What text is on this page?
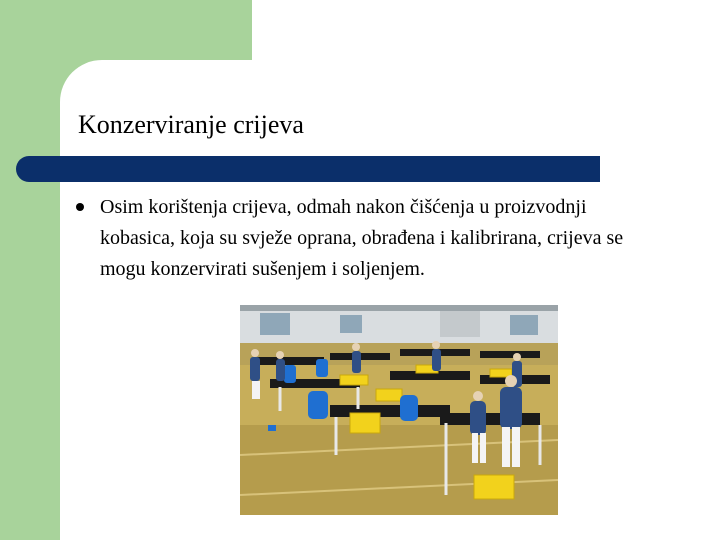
Konzerviranje crijeva
Osim korištenja crijeva, odmah nakon čišćenja u proizvodnji kobasica, koja su svježe oprana, obrađena i kalibrirana, crijeva se mogu konzervirati sušenjem i soljenjem.
